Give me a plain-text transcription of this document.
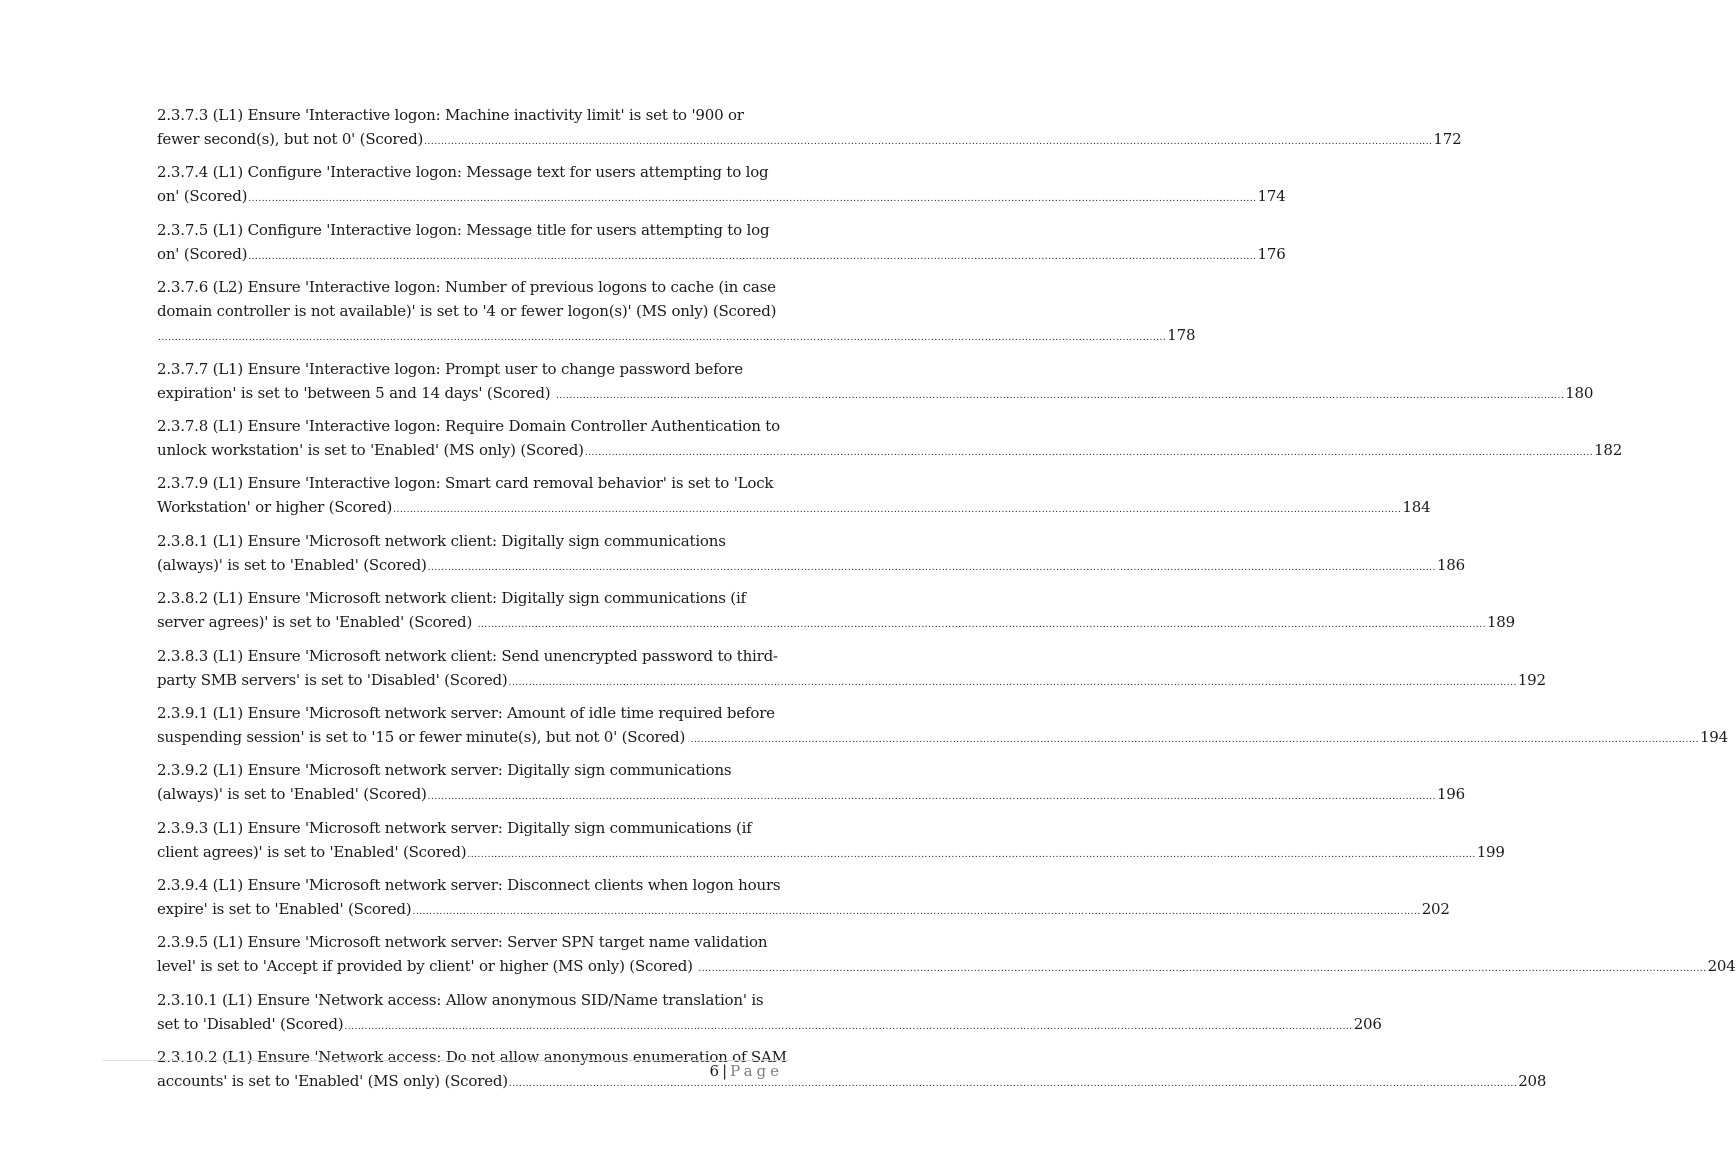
2.3.7.3 (L1) Ensure 'Interactive logon: Machine inactivity limit' is set to '900 or
fewer second(s), but not 0' (Scored) .....	172
2.3.7.4 (L1) Configure 'Interactive logon: Message text for users attempting to log
on' (Scored) .....	174
2.3.7.5 (L1) Configure 'Interactive logon: Message title for users attempting to log
on' (Scored) .....	176
2.3.7.6 (L2) Ensure 'Interactive logon: Number of previous logons to cache (in case
domain controller is not available)' is set to '4 or fewer logon(s)' (MS only) (Scored)
..... 178
2.3.7.7 (L1) Ensure 'Interactive logon: Prompt user to change password before
expiration' is set to 'between 5 and 14 days' (Scored) .....	180
2.3.7.8 (L1) Ensure 'Interactive logon: Require Domain Controller Authentication to
unlock workstation' is set to 'Enabled' (MS only) (Scored) .....	182
2.3.7.9 (L1) Ensure 'Interactive logon: Smart card removal behavior' is set to 'Lock
Workstation' or higher (Scored) .....	184
2.3.8.1 (L1) Ensure 'Microsoft network client: Digitally sign communications
(always)' is set to 'Enabled' (Scored) .....	186
2.3.8.2 (L1) Ensure 'Microsoft network client: Digitally sign communications (if
server agrees)' is set to 'Enabled' (Scored) .....	189
2.3.8.3 (L1) Ensure 'Microsoft network client: Send unencrypted password to third-
party SMB servers' is set to 'Disabled' (Scored) .....	192
2.3.9.1 (L1) Ensure 'Microsoft network server: Amount of idle time required before
suspending session' is set to '15 or fewer minute(s), but not 0' (Scored) .....	194
2.3.9.2 (L1) Ensure 'Microsoft network server: Digitally sign communications
(always)' is set to 'Enabled' (Scored) .....	196
2.3.9.3 (L1) Ensure 'Microsoft network server: Digitally sign communications (if
client agrees)' is set to 'Enabled' (Scored) .....	199
2.3.9.4 (L1) Ensure 'Microsoft network server: Disconnect clients when logon hours
expire' is set to 'Enabled' (Scored) .....	202
2.3.9.5 (L1) Ensure 'Microsoft network server: Server SPN target name validation
level' is set to 'Accept if provided by client' or higher (MS only) (Scored) .....	204
2.3.10.1 (L1) Ensure 'Network access: Allow anonymous SID/Name translation' is
set to 'Disabled' (Scored) .....	206
2.3.10.2 (L1) Ensure 'Network access: Do not allow anonymous enumeration of SAM
accounts' is set to 'Enabled' (MS only) (Scored) .....	208
6 | Page
